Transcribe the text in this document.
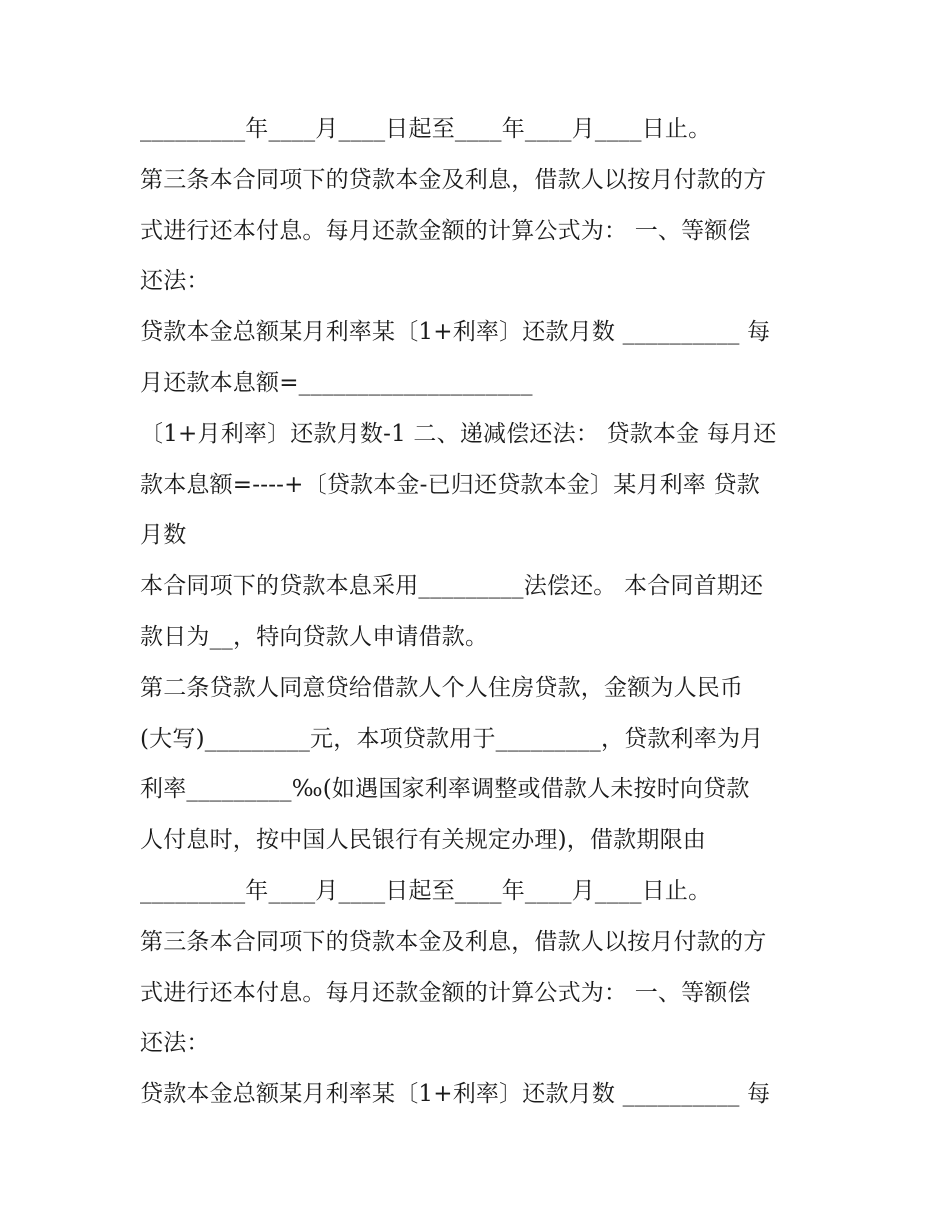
_________年____月____日起至____年____月____日止。
第三条本合同项下的贷款本金及利息，借款人以按月付款的方
式进行还本付息。每月还款金额的计算公式为： 一、等额偿
还法：
贷款本金总额某月利率某〔1+利率〕还款月数 __________ 每
月还款本息额=____________________
〔1+月利率〕还款月数-1 二、递减偿还法： 贷款本金 每月还
款本息额=----+〔贷款本金-已归还贷款本金〕某月利率 贷款
月数
本合同项下的贷款本息采用_________法偿还。 本合同首期还
款日为__，特向贷款人申请借款。
第二条贷款人同意贷给借款人个人住房贷款，金额为人民币
(大写)_________元，本项贷款用于_________，贷款利率为月
利率_________‰(如遇国家利率调整或借款人未按时向贷款
人付息时，按中国人民银行有关规定办理)，借款期限由
_________年____月____日起至____年____月____日止。
第三条本合同项下的贷款本金及利息，借款人以按月付款的方
式进行还本付息。每月还款金额的计算公式为： 一、等额偿
还法：
贷款本金总额某月利率某〔1+利率〕还款月数 __________ 每
